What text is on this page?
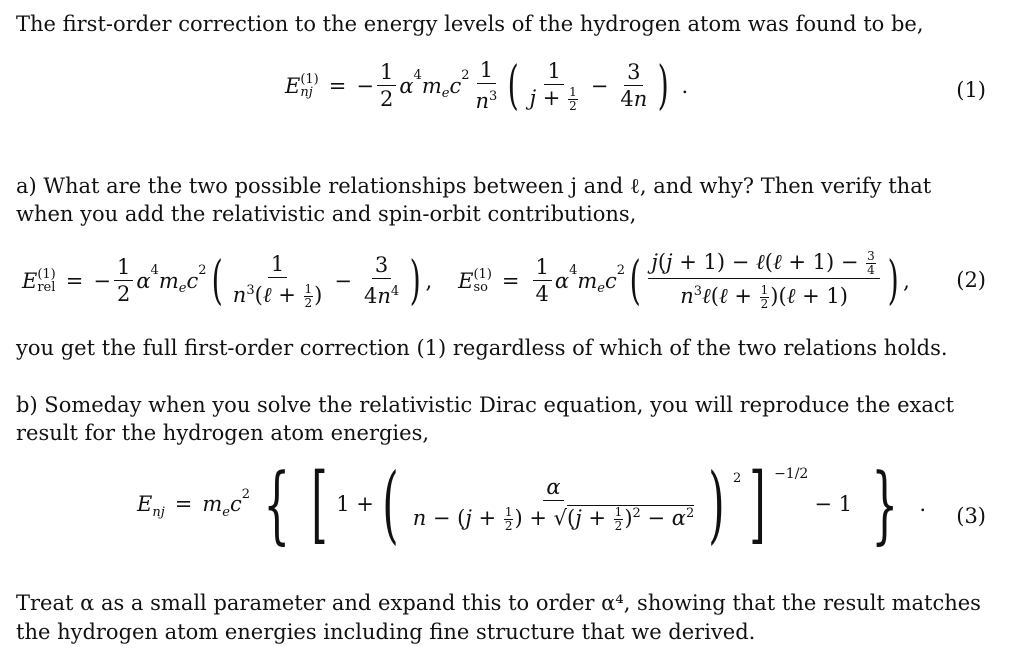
The first-order correction to the energy levels of the hydrogen atom was found to be,
E (1)
nj = − $\frac{1}{2}$ α 4 m e c $2 \frac{1}{n^3}$ ( $\frac{1}{j + \frac{1}{2}} - \frac{3}{4n}$ ) .	(1)
a) What are the two possible relationships between j and ℓ, and why? Then verify that
when you add the relativistic and spin-orbit contributions,
E (1)
rel = − $\frac{1}{2}$ α 4 m e c 2 ( $\frac{1}{n^3(\ell + \frac{1}{2} )} - \frac{3}{4n^4}$ ) , E (1)
so = $\frac{1}{4}$ α 4 m e c 2 ( $\frac{j(j + 1) - \ell(\ell + 1) - \frac{3}{4}}{n^3\ell(\ell + \frac{1}{2} )(\ell + 1)}$ ) , (2)
you get the full first-order correction (1) regardless of which of the two relations holds.
b) Someday when you solve the relativistic Dirac equation, you will reproduce the exact
result for the hydrogen atom energies,
E nj = m e c 2 { [ 1 + ( $\frac{\alpha}{n - (j + \frac{1}{2} ) + √(j + \frac{1}{2} )^2 - \alpha^2}$ ) 2 ] −1/2
− 1 } . (3)
Treat α as a small parameter and expand this to order α⁴, showing that the result matches
the hydrogen atom energies including fine structure that we derived.
